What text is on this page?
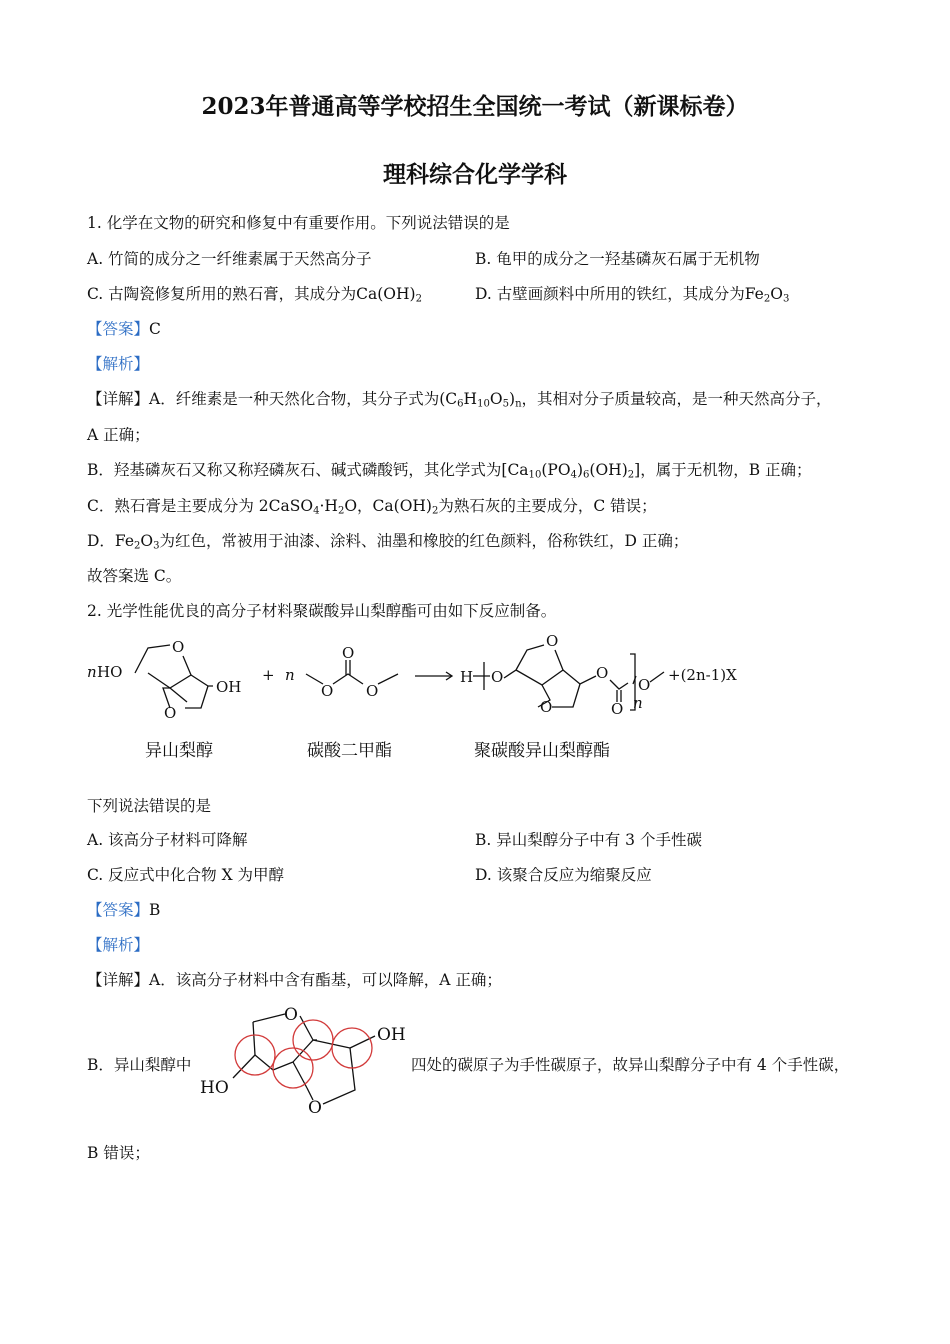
2023年普通高等学校招生全国统一考试（新课标卷）
理科综合化学学科
1. 化学在文物的研究和修复中有重要作用。下列说法错误的是
A. 竹简的成分之一纤维素属于天然高分子	B. 龟甲的成分之一羟基磷灰石属于无机物
C. 古陶瓷修复所用的熟石膏，其成分为$Ca(OH)_2$	D. 古壁画颜料中所用的铁红，其成分为$Fe_2O_3$
【答案】C
【解析】
【详解】A．纤维素是一种天然化合物，其分子式为$(C_6H_{10}O_5)_n$，其相对分子质量较高，是一种天然高分子，
A 正确；
B．羟基磷灰石又称又称羟磷灰石、碱式磷酸钙，其化学式为$[Ca_{10}(PO_4)_6(OH)_2]$，属于无机物，B 正确；
C．熟石膏是主要成分为 $2CaSO_4\cdot H_2O$，$Ca(OH)_2$为熟石灰的主要成分，C 错误；
D．$Fe_2O_3$为红色，常被用于油漆、涂料、油墨和橡胶的红色颜料，俗称铁红，D 正确；
故答案选 C。
2. 光学性能优良的高分子材料聚碳酸异山梨醇酯可由如下反应制备。
n HO
O
O
OH
+ n
O
O O
H O
O
O
O
O
O
n
+(2n-1)X
异山梨醇	碳酸二甲酯	聚碳酸异山梨醇酯
下列说法错误的是
A. 该高分子材料可降解	B. 异山梨醇分子中有 3 个手性碳
C. 反应式中化合物 X 为甲醇	D. 该聚合反应为缩聚反应
【答案】B
【解析】
【详解】A．该高分子材料中含有酯基，可以降解，A 正确；
B．异山梨醇中
O
OH
HO
O
四处的碳原子为手性碳原子，故异山梨醇分子中有 4 个手性碳，
B 错误；
